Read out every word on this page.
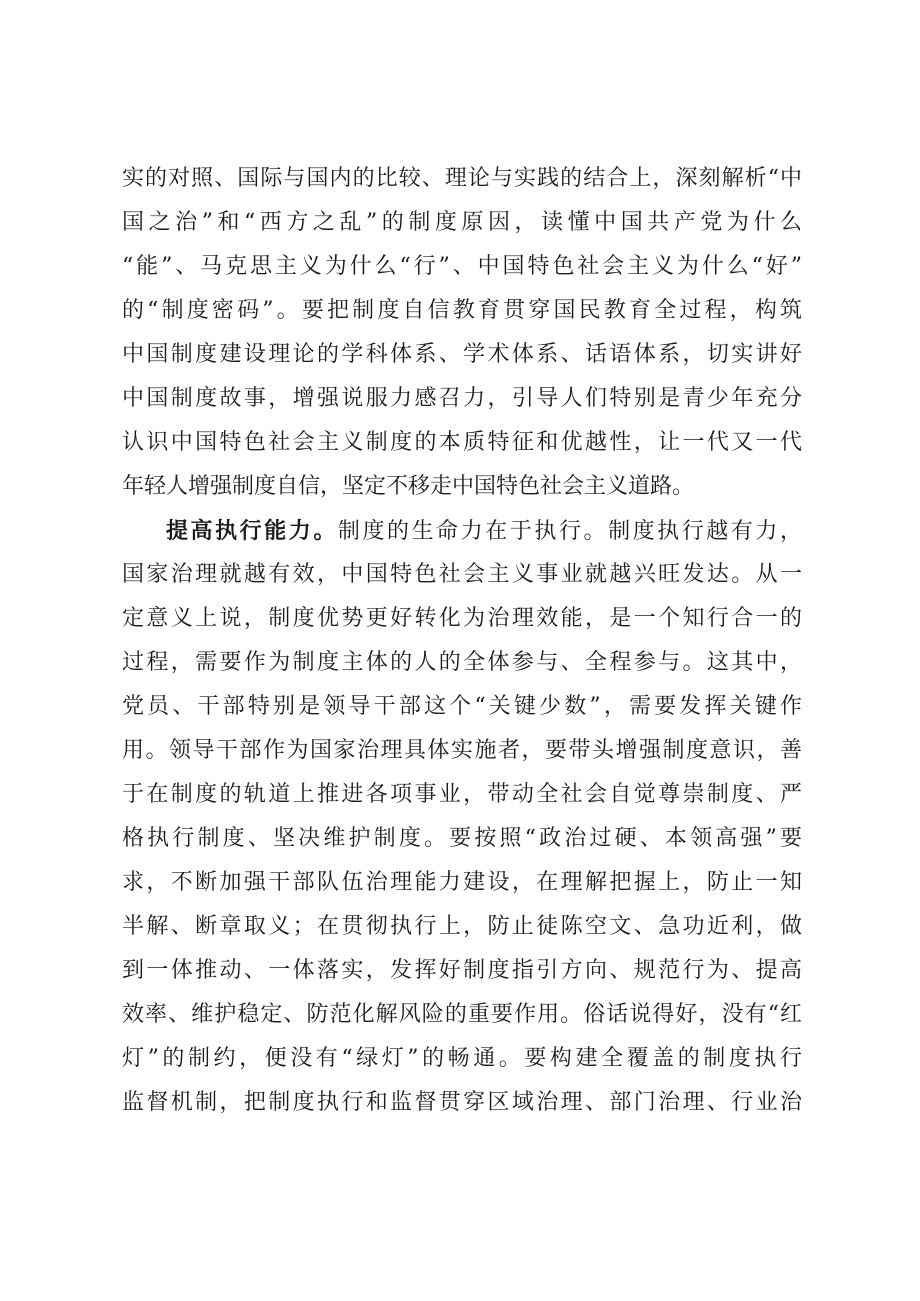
实的对照、国际与国内的比较、理论与实践的结合上，深刻解析“中
国之治”和“西方之乱”的制度原因，读懂中国共产党为什么
“能”、马克思主义为什么“行”、中国特色社会主义为什么“好”
的“制度密码”。要把制度自信教育贯穿国民教育全过程，构筑
中国制度建设理论的学科体系、学术体系、话语体系，切实讲好
中国制度故事，增强说服力感召力，引导人们特别是青少年充分
认识中国特色社会主义制度的本质特征和优越性，让一代又一代
年轻人增强制度自信，坚定不移走中国特色社会主义道路。
提高执行能力。制度的生命力在于执行。制度执行越有力，
国家治理就越有效，中国特色社会主义事业就越兴旺发达。从一
定意义上说，制度优势更好转化为治理效能，是一个知行合一的
过程，需要作为制度主体的人的全体参与、全程参与。这其中，
党员、干部特别是领导干部这个“关键少数”，需要发挥关键作
用。领导干部作为国家治理具体实施者，要带头增强制度意识，善
于在制度的轨道上推进各项事业，带动全社会自觉尊崇制度、严
格执行制度、坚决维护制度。要按照“政治过硬、本领高强”要
求，不断加强干部队伍治理能力建设，在理解把握上，防止一知
半解、断章取义；在贯彻执行上，防止徒陈空文、急功近利，做
到一体推动、一体落实，发挥好制度指引方向、规范行为、提高
效率、维护稳定、防范化解风险的重要作用。俗话说得好，没有“红
灯”的制约，便没有“绿灯”的畅通。要构建全覆盖的制度执行
监督机制，把制度执行和监督贯穿区域治理、部门治理、行业治
